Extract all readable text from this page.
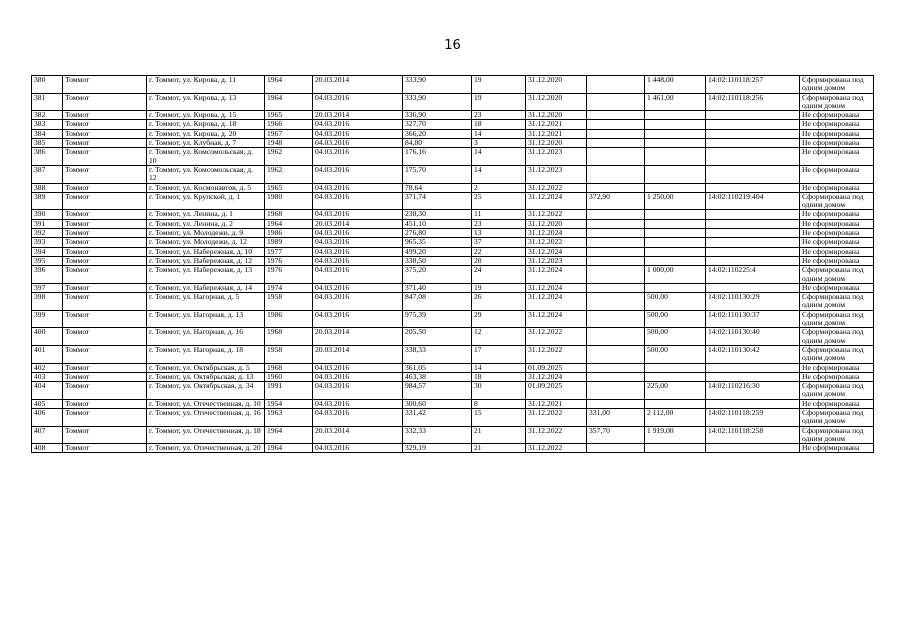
16
380	Томмот	г. Томмот, ул. Кирова, д. 11	1964	20.03.2014	333,90	19	31.12.2020		1 448,00	14:02:110118:257	Сформирована под одним домом
381	Томмот	г. Томмот, ул. Кирова, д. 13	1964	04.03.2016	333,90	19	31.12.2020		1 461,00	14:02:110118:256	Сформирована под одним домом
382	Томмот	г. Томмот, ул. Кирова, д. 15	1965	20.03.2014	336,90	23	31.12.2020				Не сформирована
383	Томмот	г. Томмот, ул. Кирова, д. 18	1966	04.03.2016	327,70	18	31.12.2021				Не сформирована
384	Томмот	г. Томмот, ул. Кирова, д. 20	1967	04.03.2016	366,20	14	31.12.2021				Не сформирована
385	Томмот	г. Томмот, ул. Клубная, д. 7	1948	04.03.2016	84,80	3	31.12.2020				Не сформирована
386	Томмот	г. Томмот, ул. Комсомольская, д. 10	1962	04.03.2016	176,16	14	31.12.2023				Не сформирована
387	Томмот	г. Томмот, ул. Комсомольская, д. 12	1962	04.03.2016	175,70	14	31.12.2023				Не сформирована
388	Томмот	г. Томмот, ул. Космонавтов, д. 5	1965	04.03.2016	78,64	2	31.12.2022				Не сформирована
389	Томмот	г. Томмот, ул. Крупской, д. 1	1980	04.03.2016	371,74	25	31.12.2024	372,90	1 250,00	14:02:110219:404	Сформирована под одним домом
390	Томмот	г. Томмот, ул. Ленина, д. 1	1968	04.03.2016	238,30	11	31.12.2022				Не сформирована
391	Томмот	г. Томмот, ул. Ленина, д. 2	1964	20.03.2014	451,10	23	31.12.2020				Не сформирована
392	Томмот	г. Томмот, ул. Молодежи, д. 9	1986	04.03.2016	276,80	13	31.12.2024				Не сформирована
393	Томмот	г. Томмот, ул. Молодежи, д. 12	1989	04.03.2016	965,35	37	31.12.2022				Не сформирована
394	Томмот	г. Томмот, ул. Набережная, д. 10	1977	04.03.2016	499,20	22	31.12.2024				Не сформирована
395	Томмот	г. Томмот, ул. Набережная, д. 12	1976	04.03.2016	338,50	20	31.12.2023				Не сформирована
396	Томмот	г. Томмот, ул. Набережная, д. 13	1976	04.03.2016	375,20	24	31.12.2024		1 000,00	14:02:110225:4	Сформирована под одним домом
397	Томмот	г. Томмот, ул. Набережная, д. 14	1974	04.03.2016	371,40	19	31.12.2024				Не сформирована
398	Томмот	г. Томмот, ул. Нагорная, д. 5	1958	04.03.2016	847,08	26	31.12.2024		500,00	14:02:110130:29	Сформирована под одним домом
399	Томмот	г. Томмот, ул. Нагорная, д. 13	1986	04.03.2016	975,39	29	31.12.2024		500,00	14:02:110130:37	Сформирована под одним домом
400	Томмот	г. Томмот, ул. Нагорная, д. 16	1968	20.03.2014	205,50	12	31.12.2022		500,00	14:02:110130:40	Сформирована под одним домом
401	Томмот	г. Томмот, ул. Нагорная, д. 18	1958	20.03.2014	338,33	17	31.12.2022		500,00	14:02:110130:42	Сформирована под одним домом
402	Томмот	г. Томмот, ул. Октябрьская, д. 5	1968	04.03.2016	361,05	14	01.09.2025				Не сформирована
403	Томмот	г. Томмот, ул. Октябрьская, д. 13	1960	04.03.2016	463,38	18	31.12.2024				Не сформирована
404	Томмот	г. Томмот, ул. Октябрьская, д. 34	1991	04.03.2016	984,57	30	01.09.2025		225,00	14:02:110216:30	Сформирована под одним домом
405	Томмот	г. Томмот, ул. Отечественная, д. 10	1954	04.03.2016	300,60	8	31.12.2021				Не сформирована
406	Томмот	г. Томмот, ул. Отечественная, д. 16	1963	04.03.2016	331,42	15	31.12.2022	331,00	2 112,00	14:02:110118:259	Сформирована под одним домом
407	Томмот	г. Томмот, ул. Отечественная, д. 18	1964	20.03.2014	332,33	21	31.12.2022	357,70	1 919,00	14:02:110118:258	Сформирована под одним домом
408	Томмот	г. Томмот, ул. Отечественная, д. 20	1964	04.03.2016	329,19	21	31.12.2022				Не сформирована
